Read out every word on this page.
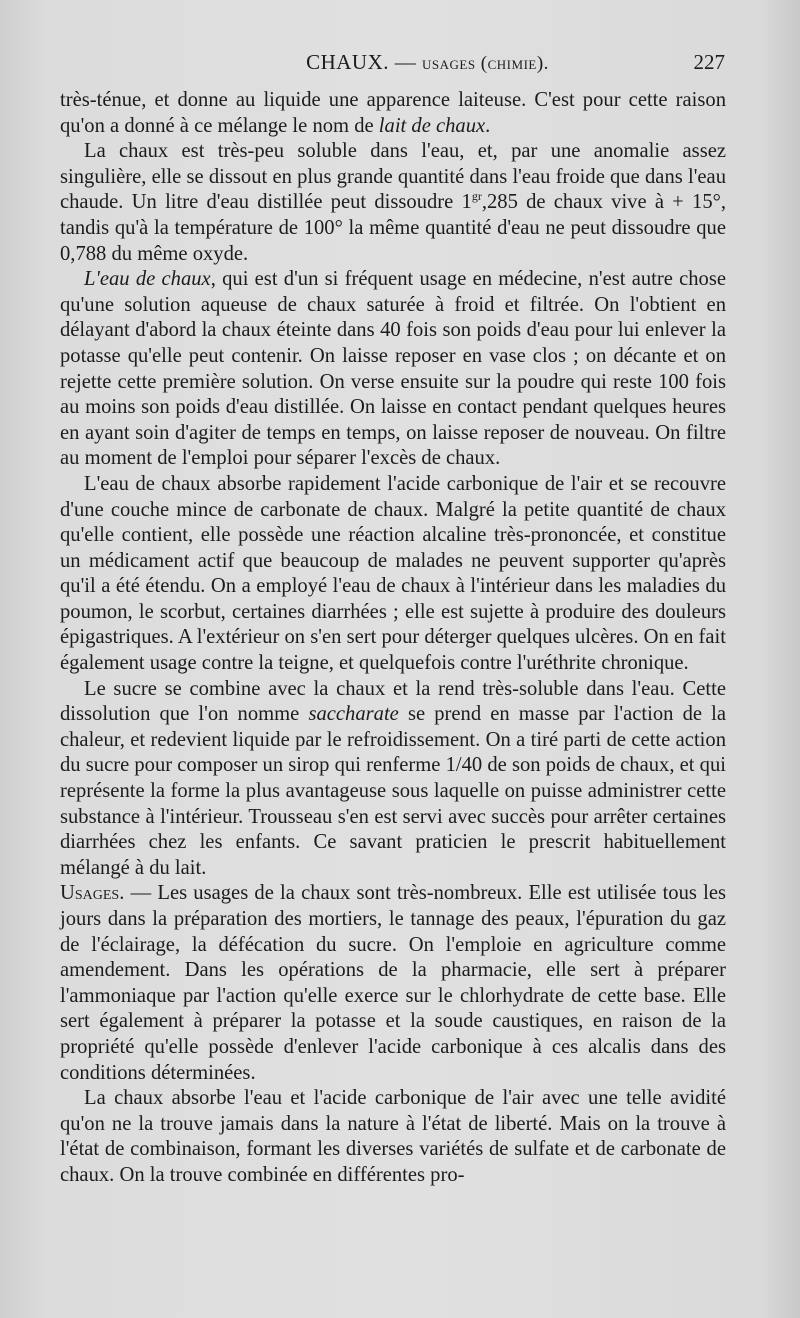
CHAUX. — usages (chimie).	227

très-ténue, et donne au liquide une apparence laiteuse. C'est pour cette raison qu'on a donné à ce mélange le nom de lait de chaux.

La chaux est très-peu soluble dans l'eau, et, par une anomalie assez singulière, elle se dissout en plus grande quantité dans l'eau froide que dans l'eau chaude. Un litre d'eau distillée peut dissoudre $1^{gr},285$ de chaux vive à + 15°, tandis qu'à la température de 100° la même quantité d'eau ne peut dissoudre que 0,788 du même oxyde.

L'eau de chaux, qui est d'un si fréquent usage en médecine, n'est autre chose qu'une solution aqueuse de chaux saturée à froid et filtrée. On l'obtient en délayant d'abord la chaux éteinte dans 40 fois son poids d'eau pour lui enlever la potasse qu'elle peut contenir. On laisse reposer en vase clos ; on décante et on rejette cette première solution. On verse ensuite sur la poudre qui reste 100 fois au moins son poids d'eau distillée. On laisse en contact pendant quelques heures en ayant soin d'agiter de temps en temps, on laisse reposer de nouveau. On filtre au moment de l'emploi pour séparer l'excès de chaux.

L'eau de chaux absorbe rapidement l'acide carbonique de l'air et se recouvre d'une couche mince de carbonate de chaux. Malgré la petite quantité de chaux qu'elle contient, elle possède une réaction alcaline très-prononcée, et constitue un médicament actif que beaucoup de malades ne peuvent supporter qu'après qu'il a été étendu. On a employé l'eau de chaux à l'intérieur dans les maladies du poumon, le scorbut, certaines diarrhées ; elle est sujette à produire des douleurs épigastriques. A l'extérieur on s'en sert pour déterger quelques ulcères. On en fait également usage contre la teigne, et quelquefois contre l'uréthrite chronique.

Le sucre se combine avec la chaux et la rend très-soluble dans l'eau. Cette dissolution que l'on nomme saccharate se prend en masse par l'action de la chaleur, et redevient liquide par le refroidissement. On a tiré parti de cette action du sucre pour composer un sirop qui renferme 1/40 de son poids de chaux, et qui représente la forme la plus avantageuse sous laquelle on puisse administrer cette substance à l'intérieur. Trousseau s'en est servi avec succès pour arrêter certaines diarrhées chez les enfants. Ce savant praticien le prescrit habituellement mélangé à du lait.

Usages. — Les usages de la chaux sont très-nombreux. Elle est utilisée tous les jours dans la préparation des mortiers, le tannage des peaux, l'épuration du gaz de l'éclairage, la défécation du sucre. On l'emploie en agriculture comme amendement. Dans les opérations de la pharmacie, elle sert à préparer l'ammoniaque par l'action qu'elle exerce sur le chlorhydrate de cette base. Elle sert également à préparer la potasse et la soude caustiques, en raison de la propriété qu'elle possède d'enlever l'acide carbonique à ces alcalis dans des conditions déterminées.

La chaux absorbe l'eau et l'acide carbonique de l'air avec une telle avidité qu'on ne la trouve jamais dans la nature à l'état de liberté. Mais on la trouve à l'état de combinaison, formant les diverses variétés de sulfate et de carbonate de chaux. On la trouve combinée en différentes pro-
